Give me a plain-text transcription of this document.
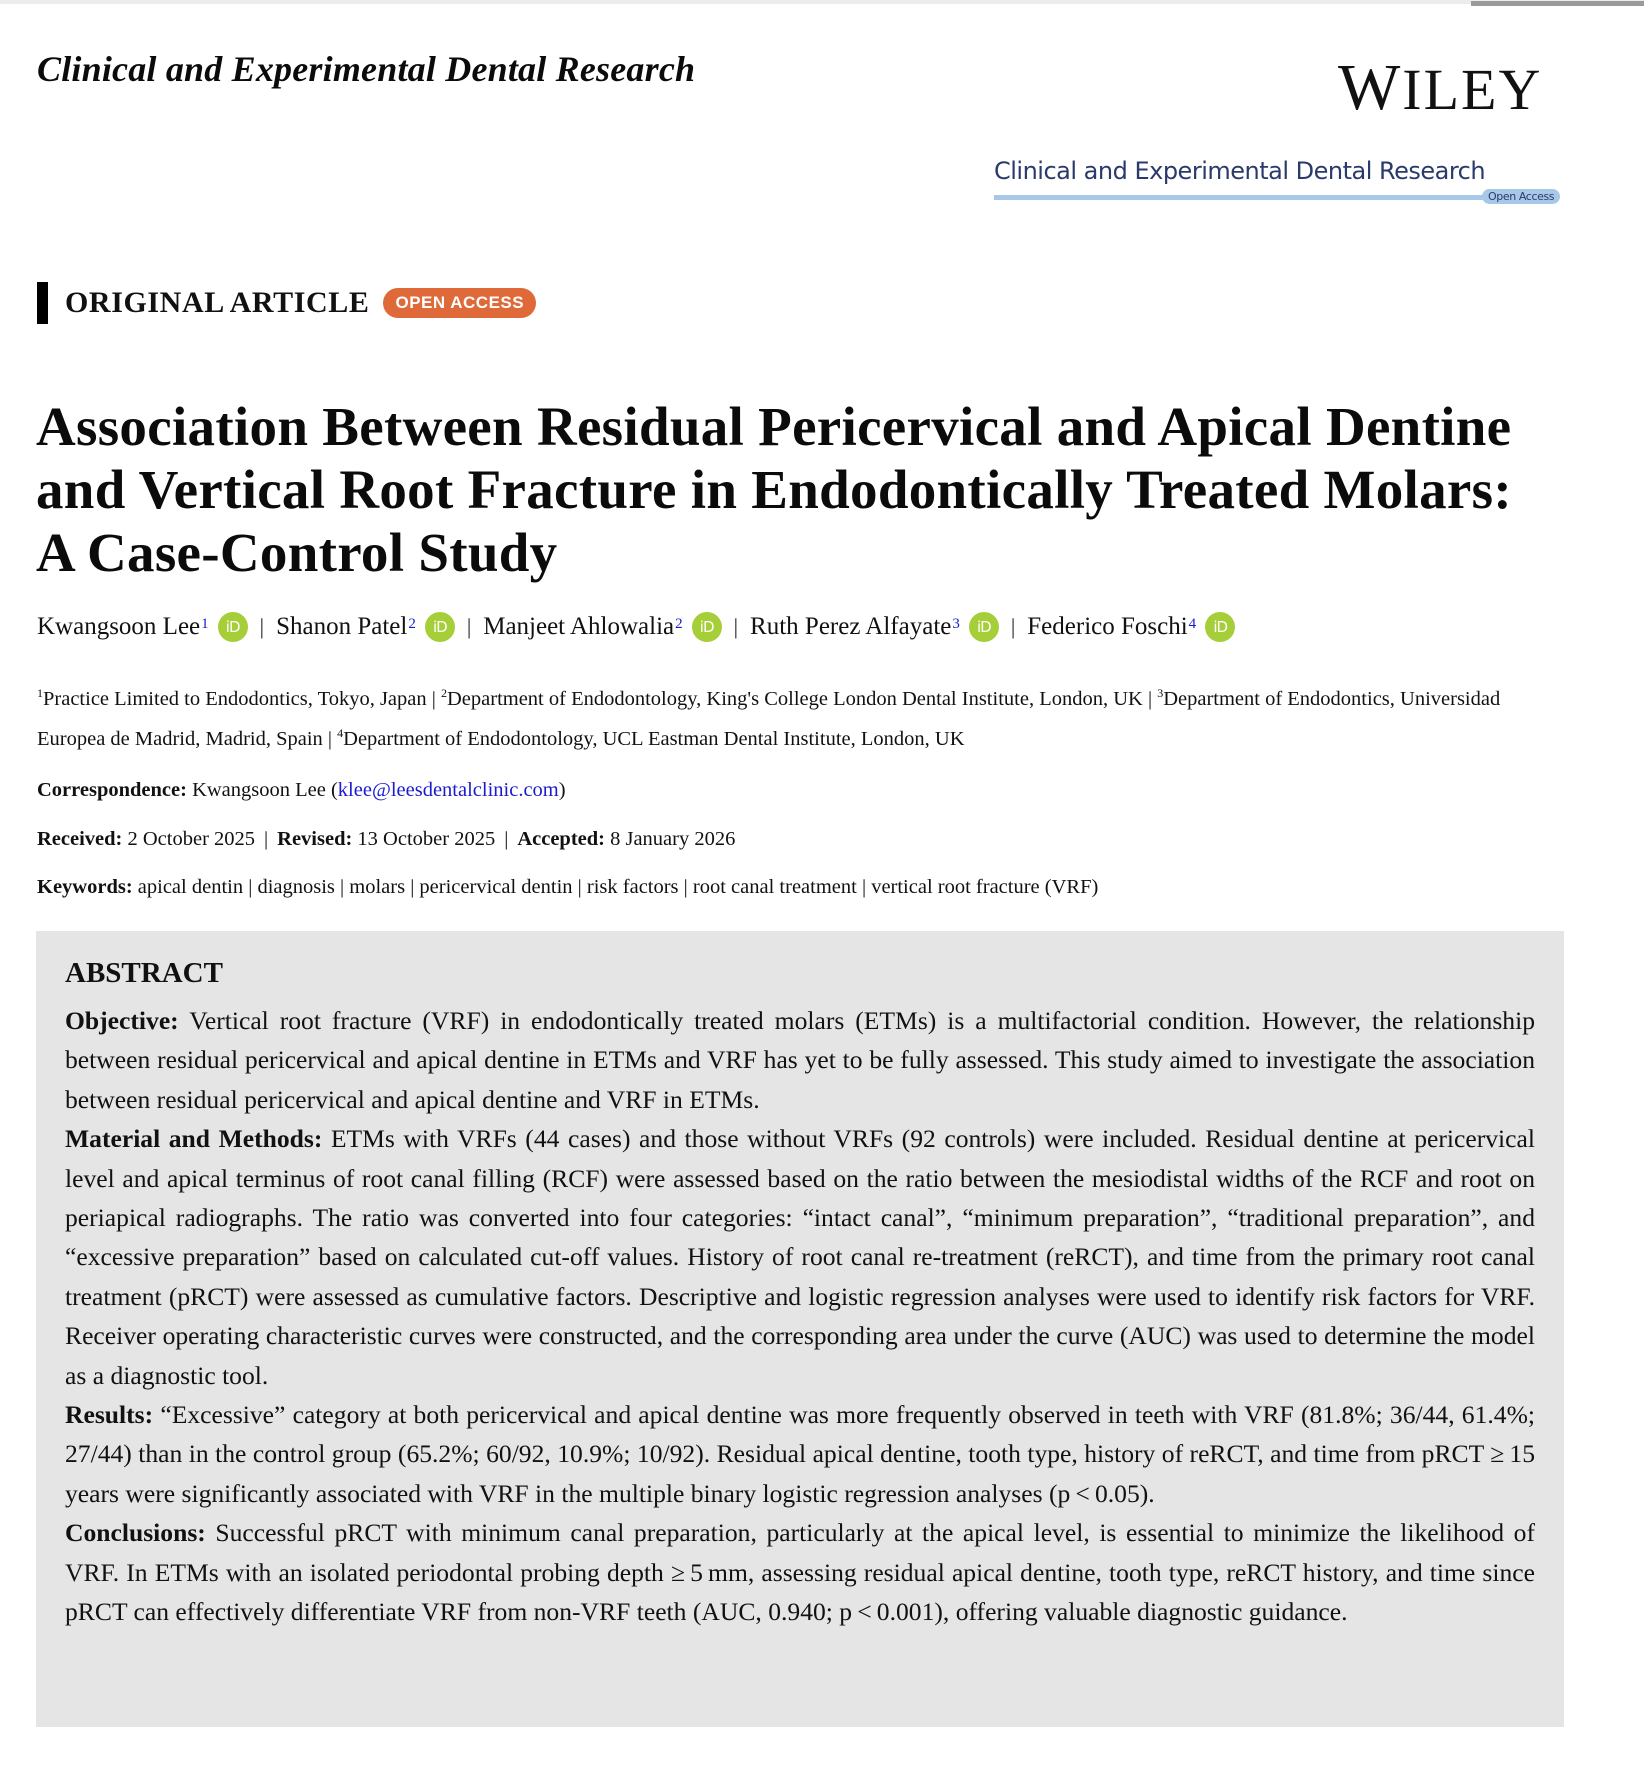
Clinical and Experimental Dental Research	WILEY
Clinical and Experimental Dental Research
Open Access
ORIGINAL ARTICLE	OPEN ACCESS
Association Between Residual Pericervical and Apical Dentine and Vertical Root Fracture in Endodontically Treated Molars: A Case-Control Study
Kwangsoon Lee$^1$	iD | Shanon Patel$^2$	iD | Manjeet Ahlowalia$^2$	iD | Ruth Perez Alfayate$^3$	iD | Federico Foschi$^4$	iD
$^1$Practice Limited to Endodontics, Tokyo, Japan | $^2$Department of Endodontology, King's College London Dental Institute, London, UK | $^3$Department of Endodontics, Universidad Europea de Madrid, Madrid, Spain | $^4$Department of Endodontology, UCL Eastman Dental Institute, London, UK
Correspondence: Kwangsoon Lee (klee@leesdentalclinic.com)
Received: 2 October 2025 | Revised: 13 October 2025 | Accepted: 8 January 2026
Keywords: apical dentin | diagnosis | molars | pericervical dentin | risk factors | root canal treatment | vertical root fracture (VRF)
ABSTRACT

Objective: Vertical root fracture (VRF) in endodontically treated molars (ETMs) is a multifactorial condition. However, the relationship between residual pericervical and apical dentine in ETMs and VRF has yet to be fully assessed. This study aimed to investigate the association between residual pericervical and apical dentine and VRF in ETMs.

Material and Methods: ETMs with VRFs (44 cases) and those without VRFs (92 controls) were included. Residual dentine at pericervical level and apical terminus of root canal filling (RCF) were assessed based on the ratio between the mesiodistal widths of the RCF and root on periapical radiographs. The ratio was converted into four categories: “intact canal”, “minimum preparation”, “traditional preparation”, and “excessive preparation” based on calculated cut-off values. History of root canal re-treatment (reRCT), and time from the primary root canal treatment (pRCT) were assessed as cumulative factors. Descriptive and logistic regression analyses were used to identify risk factors for VRF. Receiver operating characteristic curves were constructed, and the corresponding area under the curve (AUC) was used to determine the model as a diagnostic tool.

Results: “Excessive” category at both pericervical and apical dentine was more frequently observed in teeth with VRF (81.8%; 36/44, 61.4%; 27/44) than in the control group (65.2%; 60/92, 10.9%; 10/92). Residual apical dentine, tooth type, history of reRCT, and time from pRCT ≥ 15 years were significantly associated with VRF in the multiple binary logistic regression analyses (p < 0.05).

Conclusions: Successful pRCT with minimum canal preparation, particularly at the apical level, is essential to minimize the likelihood of VRF. In ETMs with an isolated periodontal probing depth ≥ 5 mm, assessing residual apical dentine, tooth type, reRCT history, and time since pRCT can effectively differentiate VRF from non-VRF teeth (AUC, 0.940; p < 0.001), offering valuable diagnostic guidance.
